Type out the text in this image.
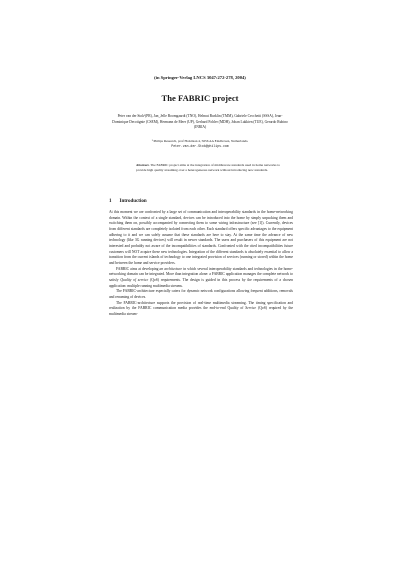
(in Springer-Verlag LNCS 3047:272-278, 2004)
The FABRIC project
Peter van der Stok¹(PR), Jan_Jelle Boomgaardt (TNO), Helmut Burklin (TMM), Gabriele Cecchetti (SSSA), Jean-Dominique Decotignie (CSEM), Hermann de Meer (UP), Gerhard Fohler (MDH), Johan Lukkien (TUE), Gerardo Rubino (INRIA)
¹ Philips Research, prof Holstlaan 4, 5656 AA Eindhoven, Netherlands.
Peter.van.der.Stok@philips.com
Abstract. The FABRIC project aims at the integration of middleware standards used in home networks to provide high quality streaming over a heterogeneous network without introducing new standards.
1 Introduction

At this moment we are confronted by a large set of communication and interoperability standards in the home-networking domain. Within the context of a single standard, devices can be introduced into the home by simply unpacking them and switching them on, possibly accompanied by connecting them to some wiring infrastructure (see [1]). Currently, devices from different standards are completely isolated from each other. Each standard offers specific advantages to the equipment adhering to it and we can safely assume that these standards are here to stay. At the same time the advance of new technology (like 3G running devices) will result in newer standards. The users and purchasers of this equipment are not interested and probably not aware of the incompatibilities of standards. Confronted with the cited incompatibilities future customers will NOT acquire these new technologies. Integration of the different standards is absolutely essential to allow a transition from the current islands of technology to one integrated provision of services (running or stored) within the home and between the home and service providers.

FABRIC aims at developing an architecture in which several interoperability standards and technologies in the home-networking domain can be integrated. More than integration alone: a FABRIC application manages the complete network to satisfy Quality of service (QoS) requirements. The design is guided in this process by the requirements of a chosen application: multiple running multimedia streams.

The FABRIC-architecture especially caters for dynamic network configurations allowing frequent additions, removals and renaming of devices.

The FABRIC-architecture supports the provision of real-time multimedia streaming. The timing specification and realization by the FABRIC communication media provides the end-to-end Quality of Service (QoS) required by the multimedia stream-
